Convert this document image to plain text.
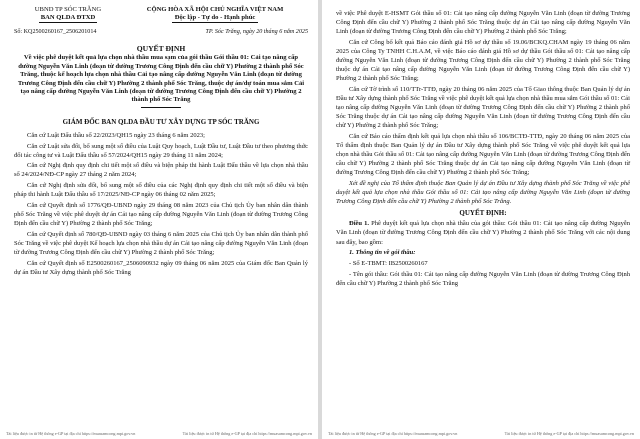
UBND TP SÓC TRĂNG
BAN QLDA ĐTXD
CỘNG HÒA XÃ HỘI CHỦ NGHĨA VIỆT NAM
Độc lập - Tự do - Hạnh phúc
Số: KQ2500260167_2506201014	TP. Sóc Trăng, ngày 20 tháng 6 năm 2025
QUYẾT ĐỊNH
Về việc phê duyệt kết quả lựa chọn nhà thầu mua sạm của gói thầu Gói thầu 01: Cải tạo nâng cấp đường Nguyễn Văn Linh (đoạn từ đường Trương Công Định đến cầu chữ Y) Phường 2 thành phố Sóc Trăng, thuộc kế hoạch lựa chọn nhà thầu Cải tạo nâng cấp đường Nguyễn Văn Linh (đoạn từ đường Trương Công Định đến cầu chữ Y) Phường 2 thành phố Sóc Trăng, thuộc dự án/dự toán mua sắm Cải tạo nâng cấp đường Nguyễn Văn Linh (đoạn từ đường Trương Công Định đến cầu chữ Y) Phường 2 thành phố Sóc Trăng
GIÁM ĐỐC BAN QLDA ĐẦU TƯ XÂY DỰNG TP SÓC TRĂNG

Căn cứ Luật Đấu thầu số 22/2023/QH15 ngày 23 tháng 6 năm 2023;

Căn cứ Luật sửa đổi, bổ sung một số điều của Luật Quy hoạch, Luật Đầu tư, Luật Đầu tư theo phương thức đối tác công tư và Luật Đấu thầu số 57/2024/QH15 ngày 29 tháng 11 năm 2024;

Căn cứ Nghị định quy định chi tiết một số điều và biện pháp thi hành Luật Đấu thầu về lựa chọn nhà thầu số 24/2024/NĐ-CP ngày 27 tháng 2 năm 2024;

Căn cứ Nghị định sửa đổi, bổ sung một số điều của các Nghị định quy định chi tiết một số điều và biện pháp thi hành Luật Đấu thầu số 17/2025/NĐ-CP ngày 06 tháng 02 năm 2025;

Căn cứ Quyết định số 1776/QĐ-UBND ngày 29 tháng 08 năm 2023 của Chủ tịch Ủy ban nhân dân thành phố Sóc Trăng về việc phê duyệt dự án Cải tạo nâng cấp đường Nguyễn Văn Linh (đoạn từ đường Trương Công Định đến cầu chữ Y) Phường 2 thành phố Sóc Trăng;

Căn cứ Quyết định số 780/QĐ-UBND ngày 03 tháng 6 năm 2025 của Chủ tịch Ủy ban nhân dân thành phố Sóc Trăng về việc phê duyệt Kế hoạch lựa chọn nhà thầu dự án Cải tạo nâng cấp đường Nguyễn Văn Linh (đoạn từ đường Trương Công Định đến cầu chữ Y) Phường 2 thành phố Sóc Trăng;

Căn cứ Quyết định số E2500260167_2506090932 ngày 09 tháng 06 năm 2025 của Giám đốc Ban Quản lý dự án Đầu tư Xây dựng thành phố Sóc Trăng

Tài liệu được in từ Hệ thống e-GP tại địa chỉ https://muasamcong.mpi.gov.vn	Tài liệu được in từ Hệ thống e-GP tại địa chỉ https://muasamcong.mpi.gov.vn

về việc Phê duyệt E-HSMT Gói thầu số 01: Cải tạo nâng cấp đường Nguyễn Văn Linh (đoạn từ đường Trương Công Định đến cầu chữ Y) Phường 2 thành phố Sóc Trăng thuộc dự án Cải tạo nâng cấp đường Nguyễn Văn Linh (đoạn từ đường Trương Công Định đến cầu chữ Y) Phường 2 thành phố Sóc Trăng;

Căn cứ Công bố kết quả Báo cáo đánh giá Hồ sơ dự thầu số 19.06/BCKQ.CHAM ngày 19 tháng 06 năm 2025 của Công Ty TNHH C.H.A.M, về việc Báo cáo đánh giá Hồ sơ dự thầu Gói thầu số 01: Cải tạo nâng cấp đường Nguyễn Văn Linh (đoạn từ đường Trương Công Định đến cầu chữ Y) Phường 2 thành phố Sóc Trăng thuộc dự án Cải tạo nâng cấp đường Nguyễn Văn Linh (đoạn từ đường Trương Công Định đến cầu chữ Y) Phường 2 thành phố Sóc Trăng;

Căn cứ Tờ trình số 110/TTr-TTĐ, ngày 20 tháng 06 năm 2025 của Tổ Giao thông thuộc Ban Quản lý dự án Đầu tư Xây dựng thành phố Sóc Trăng về việc phê duyệt kết quả lựa chọn nhà thầu mua sắm Gói thầu số 01: Cải tạo nâng cấp đường Nguyễn Văn Linh (đoạn từ đường Trương Công Định đến cầu chữ Y) Phường 2 thành phố Sóc Trăng thuộc dự án Cải tạo nâng cấp đường Nguyễn Văn Linh (đoạn từ đường Trương Công Định đến cầu chữ Y) Phường 2 thành phố Sóc Trăng;

Căn cứ Báo cáo thẩm định kết quả lựa chọn nhà thầu số 106/BCTĐ-TTĐ, ngày 20 tháng 06 năm 2025 của Tổ thẩm định thuộc Ban Quản lý dự án Đầu tư Xây dựng thành phố Sóc Trăng về việc phê duyệt kết quả lựa chọn nhà thầu Gói thầu số 01: Cải tạo nâng cấp đường Nguyễn Văn Linh (đoạn từ đường Trương Công Định đến cầu chữ Y) Phường 2 thành phố Sóc Trăng thuộc dự án Cải tạo nâng cấp đường Nguyễn Văn Linh (đoạn từ đường Trương Công Định đến cầu chữ Y) Phường 2 thành phố Sóc Trăng;

Xét đề nghị của Tổ thẩm định thuộc Ban Quản lý dự án Đầu tư Xây dựng thành phố Sóc Trăng về việc phê duyệt kết quả lựa chọn nhà thầu Gói thầu số 01: Cải tạo nâng cấp đường Nguyễn Văn Linh (đoạn từ đường Trương Công Định đến cầu chữ Y) Phường 2 thành phố Sóc Trăng.

QUYẾT ĐỊNH:

Điều 1. Phê duyệt kết quả lựa chọn nhà thầu của gói thầu: Gói thầu 01: Cải tạo nâng cấp đường Nguyễn Văn Linh (đoạn từ đường Trương Công Định đến cầu chữ Y) Phường 2 thành phố Sóc Trăng với các nội dung sau đây, bao gồm:

1. Thông tin về gói thầu:

- Số E-TBMT: IB2500260167

- Tên gói thầu: Gói thầu 01: Cải tạo nâng cấp đường Nguyễn Văn Linh (đoạn từ đường Trương Công Định đến cầu chữ Y) Phường 2 thành phố Sóc Trăng

Tài liệu được in từ Hệ thống e-GP tại địa chỉ https://muasamcong.mpi.gov.vn	Tài liệu được in từ Hệ thống e-GP tại địa chỉ https://muasamcong.mpi.gov.vn
